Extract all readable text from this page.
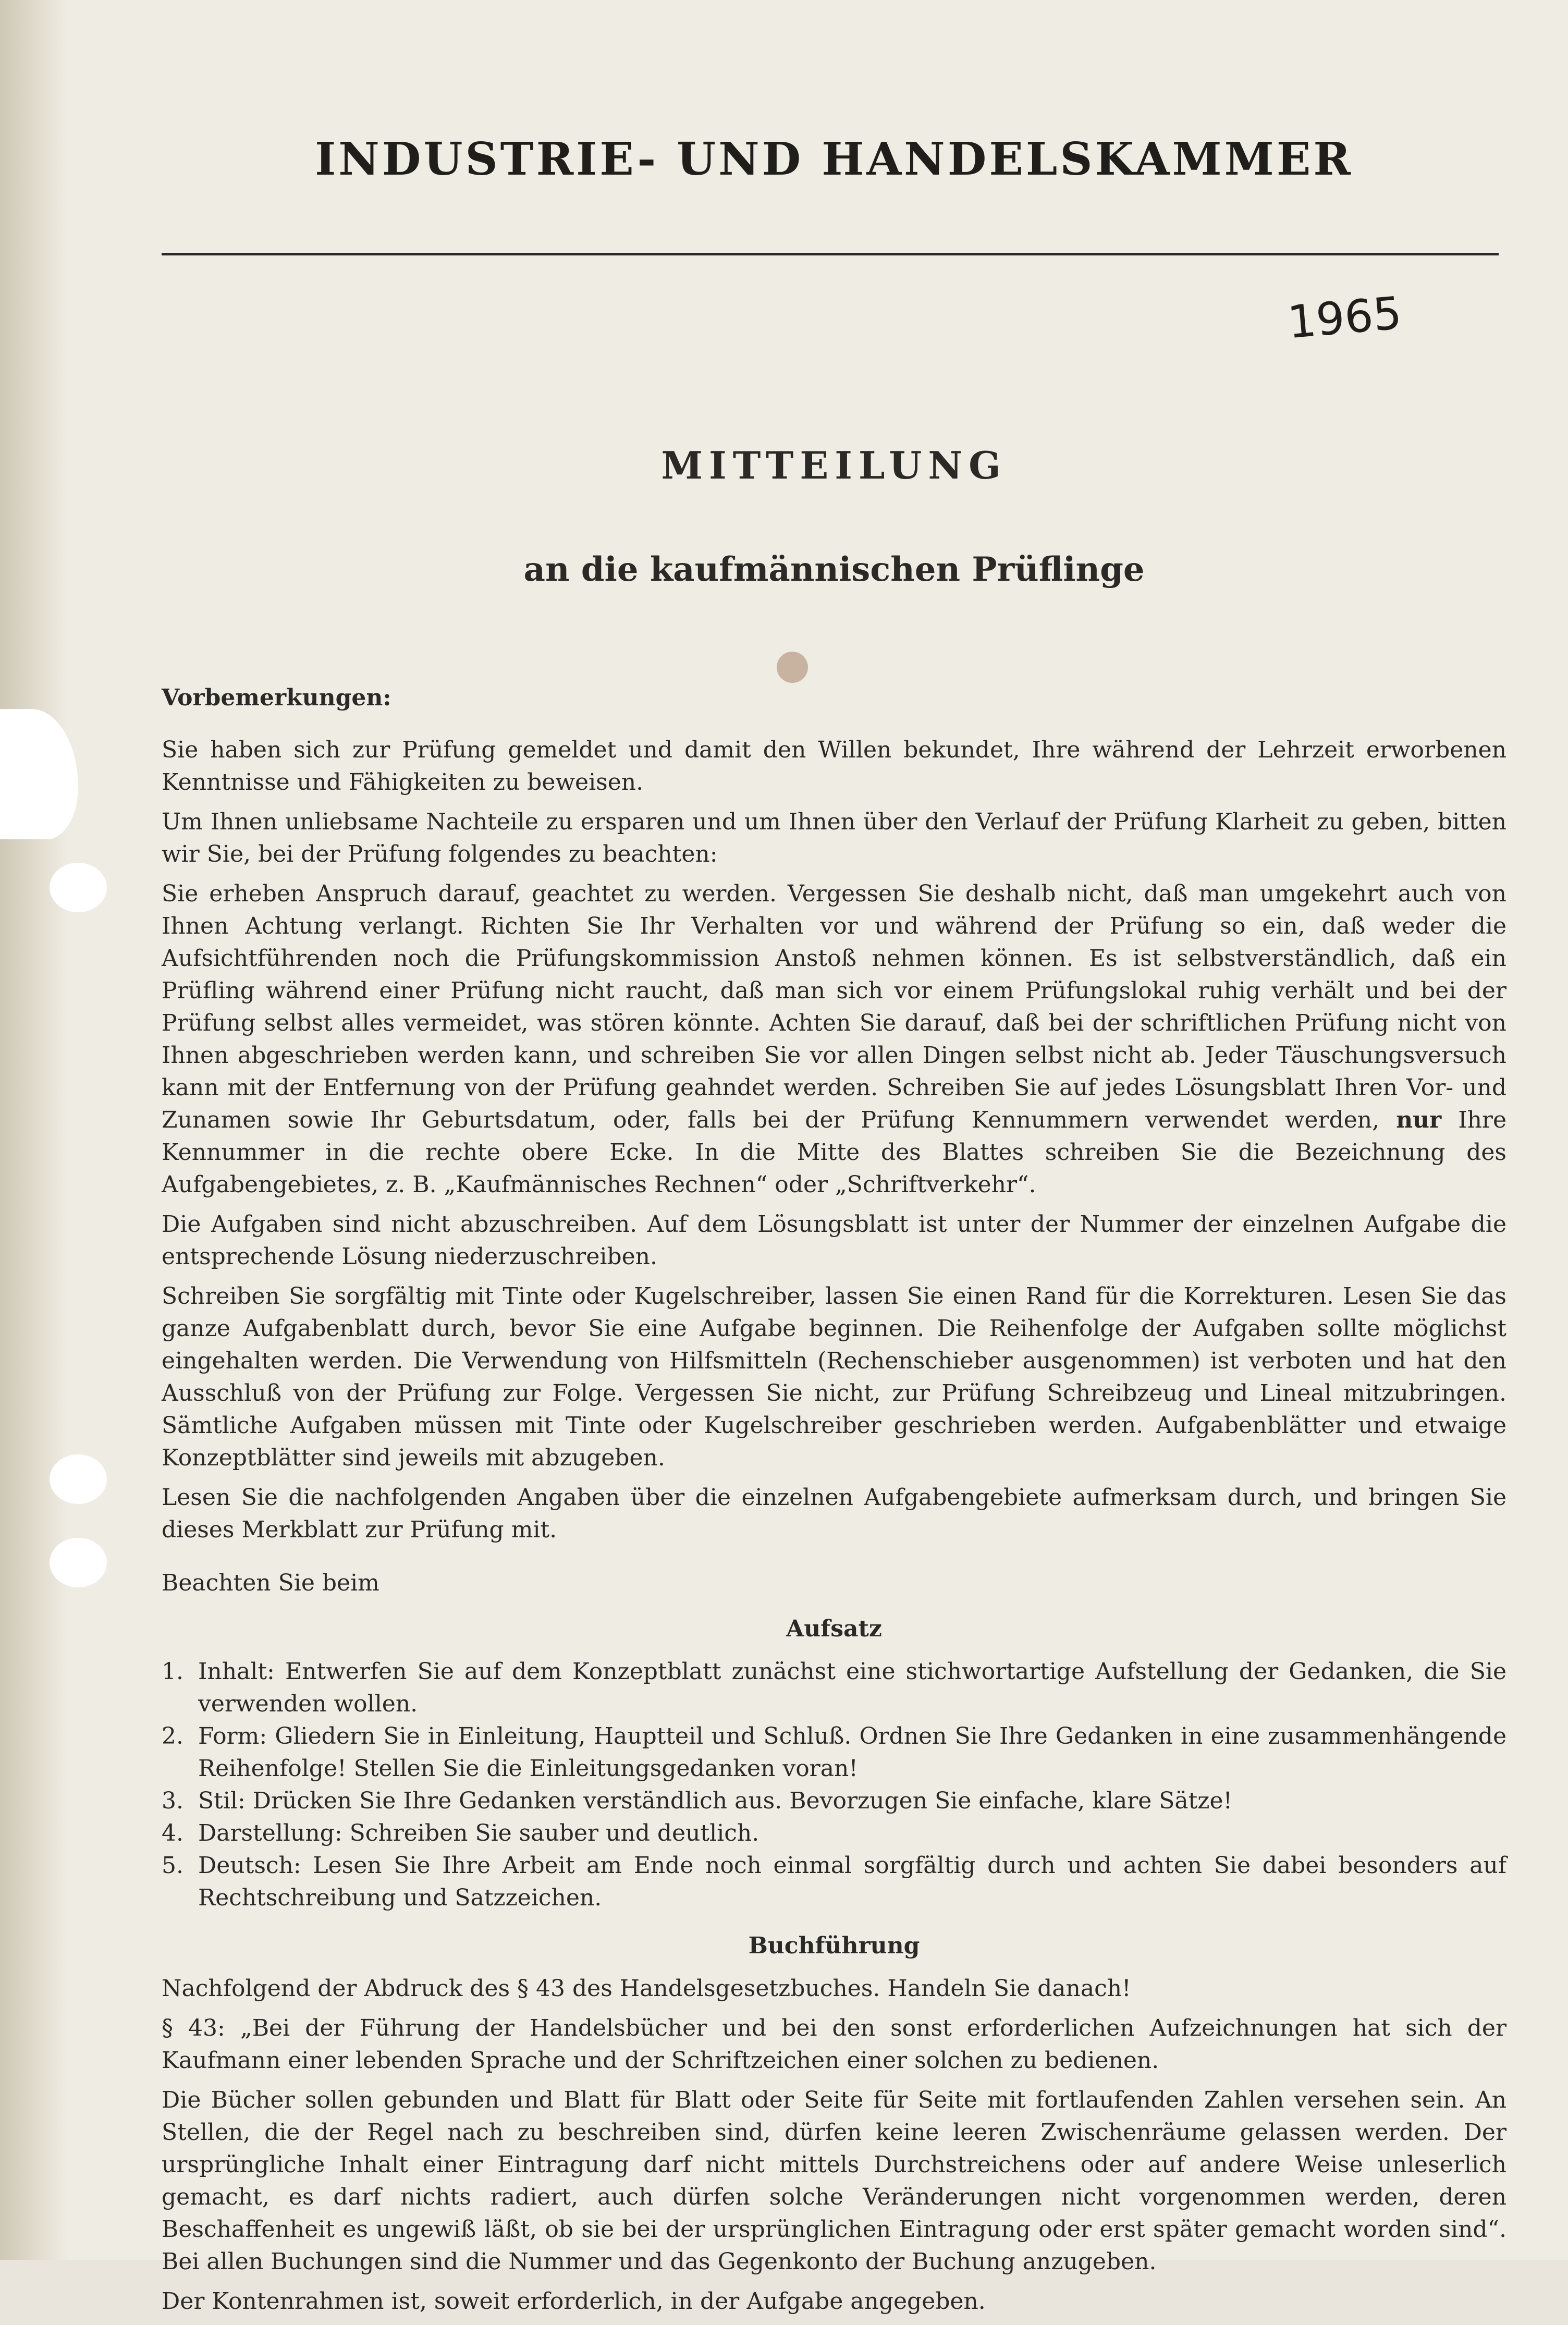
INDUSTRIE- UND HANDELSKAMMER
1965
MITTEILUNG
an die kaufmännischen Prüflinge

Vorbemerkungen:

Sie haben sich zur Prüfung gemeldet und damit den Willen bekundet, Ihre während der Lehrzeit erworbenen Kenntnisse und Fähigkeiten zu beweisen.

Um Ihnen unliebsame Nachteile zu ersparen und um Ihnen über den Verlauf der Prüfung Klarheit zu geben, bitten wir Sie, bei der Prüfung folgendes zu beachten:

Sie erheben Anspruch darauf, geachtet zu werden. Vergessen Sie deshalb nicht, daß man umgekehrt auch von Ihnen Achtung verlangt. Richten Sie Ihr Verhalten vor und während der Prüfung so ein, daß weder die Aufsichtführenden noch die Prüfungskommission Anstoß nehmen können. Es ist selbstverständlich, daß ein Prüfling während einer Prüfung nicht raucht, daß man sich vor einem Prüfungslokal ruhig verhält und bei der Prüfung selbst alles vermeidet, was stören könnte. Achten Sie darauf, daß bei der schriftlichen Prüfung nicht von Ihnen abgeschrieben werden kann, und schreiben Sie vor allen Dingen selbst nicht ab. Jeder Täuschungsversuch kann mit der Entfernung von der Prüfung geahndet werden. Schreiben Sie auf jedes Lösungsblatt Ihren Vor- und Zunamen sowie Ihr Geburtsdatum, oder, falls bei der Prüfung Kennummern verwendet werden, nur Ihre Kennummer in die rechte obere Ecke. In die Mitte des Blattes schreiben Sie die Bezeichnung des Aufgabengebietes, z. B. „Kaufmännisches Rechnen“ oder „Schriftverkehr“.

Die Aufgaben sind nicht abzuschreiben. Auf dem Lösungsblatt ist unter der Nummer der einzelnen Aufgabe die entsprechende Lösung niederzuschreiben.

Schreiben Sie sorgfältig mit Tinte oder Kugelschreiber, lassen Sie einen Rand für die Korrekturen. Lesen Sie das ganze Aufgabenblatt durch, bevor Sie eine Aufgabe beginnen. Die Reihenfolge der Aufgaben sollte möglichst eingehalten werden. Die Verwendung von Hilfsmitteln (Rechenschieber ausgenommen) ist verboten und hat den Ausschluß von der Prüfung zur Folge. Vergessen Sie nicht, zur Prüfung Schreibzeug und Lineal mitzubringen. Sämtliche Aufgaben müssen mit Tinte oder Kugelschreiber geschrieben werden. Aufgabenblätter und etwaige Konzeptblätter sind jeweils mit abzugeben.

Lesen Sie die nachfolgenden Angaben über die einzelnen Aufgabengebiete aufmerksam durch, und bringen Sie dieses Merkblatt zur Prüfung mit.

Beachten Sie beim

Aufsatz
1. Inhalt: Entwerfen Sie auf dem Konzeptblatt zunächst eine stichwortartige Aufstellung der Gedanken, die Sie verwenden wollen.
2. Form: Gliedern Sie in Einleitung, Hauptteil und Schluß. Ordnen Sie Ihre Gedanken in eine zusammenhängende Reihenfolge! Stellen Sie die Einleitungsgedanken voran!
3. Stil: Drücken Sie Ihre Gedanken verständlich aus. Bevorzugen Sie einfache, klare Sätze!
4. Darstellung: Schreiben Sie sauber und deutlich.
5. Deutsch: Lesen Sie Ihre Arbeit am Ende noch einmal sorgfältig durch und achten Sie dabei besonders auf Rechtschreibung und Satzzeichen.
Buchführung

Nachfolgend der Abdruck des § 43 des Handelsgesetzbuches. Handeln Sie danach!

§ 43: „Bei der Führung der Handelsbücher und bei den sonst erforderlichen Aufzeichnungen hat sich der Kaufmann einer lebenden Sprache und der Schriftzeichen einer solchen zu bedienen.

Die Bücher sollen gebunden und Blatt für Blatt oder Seite für Seite mit fortlaufenden Zahlen versehen sein. An Stellen, die der Regel nach zu beschreiben sind, dürfen keine leeren Zwischenräume gelassen werden. Der ursprüngliche Inhalt einer Eintragung darf nicht mittels Durchstreichens oder auf andere Weise unleserlich gemacht, es darf nichts radiert, auch dürfen solche Veränderungen nicht vorgenommen werden, deren Beschaffenheit es ungewiß läßt, ob sie bei der ursprünglichen Eintragung oder erst später gemacht worden sind“. Bei allen Buchungen sind die Nummer und das Gegenkonto der Buchung anzugeben.

Der Kontenrahmen ist, soweit erforderlich, in der Aufgabe angegeben.
